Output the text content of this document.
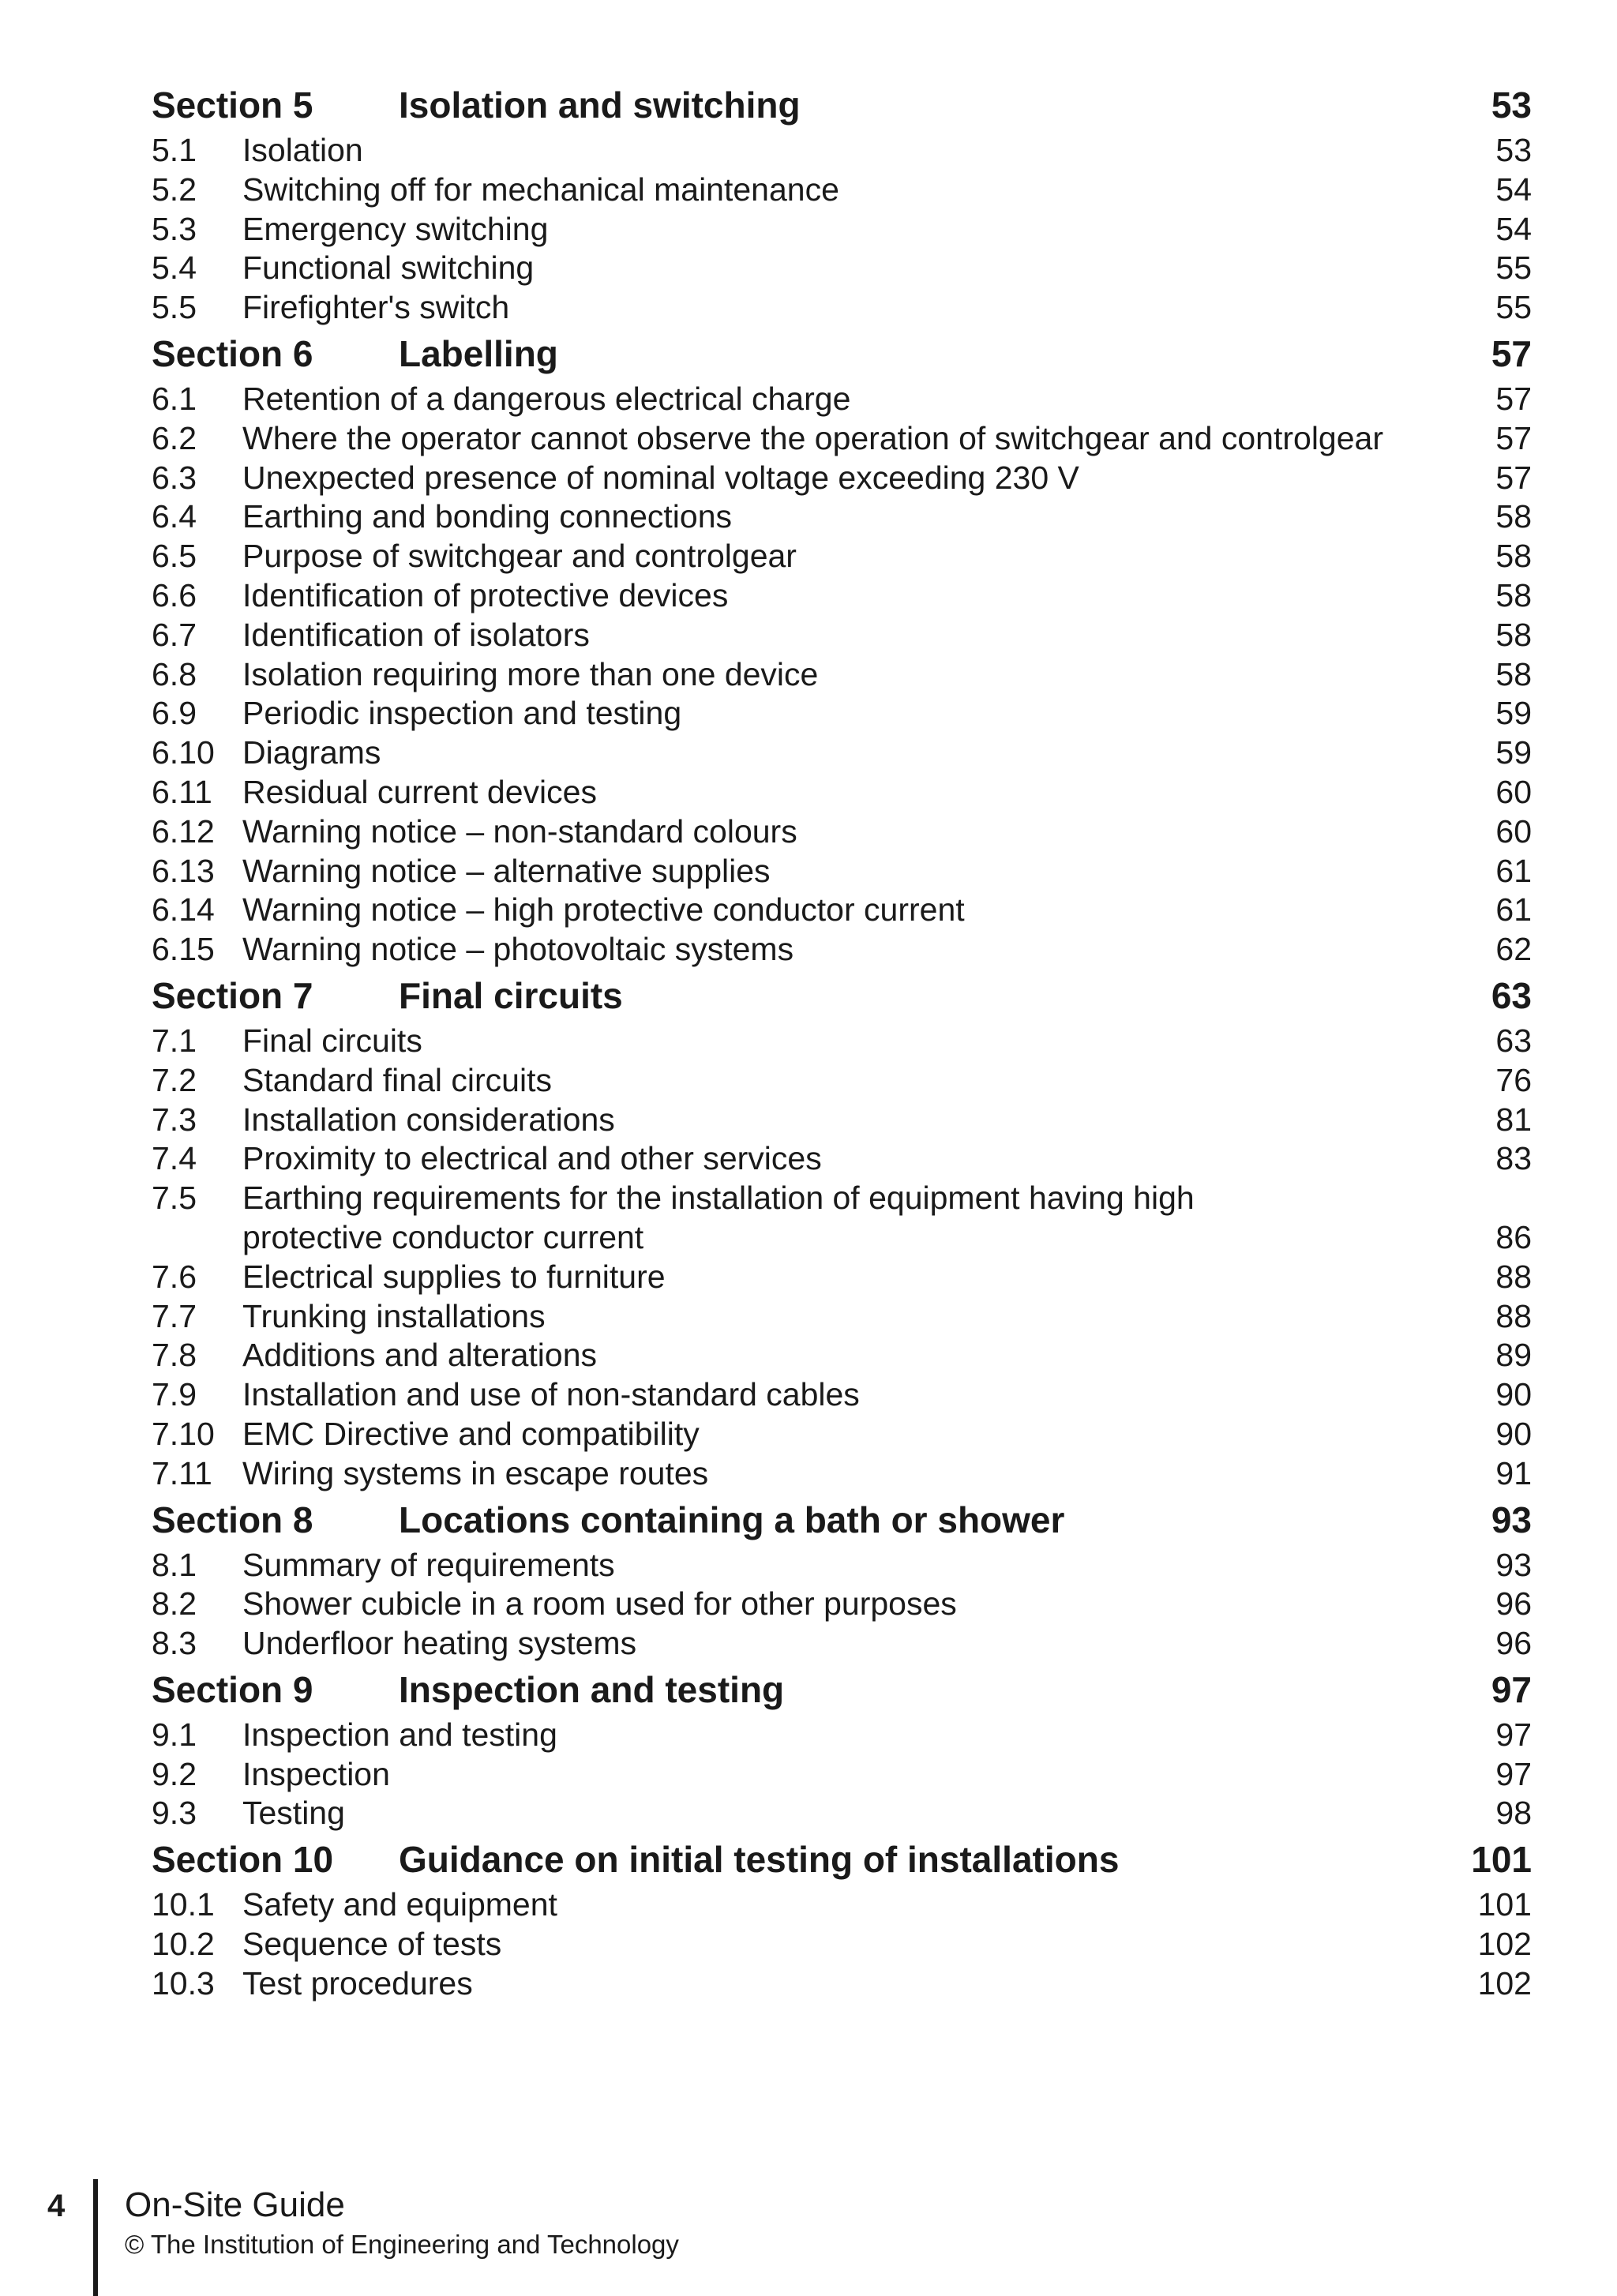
Section 5	Isolation and switching	53
5.1	Isolation	53
5.2	Switching off for mechanical maintenance	54
5.3	Emergency switching	54
5.4	Functional switching	55
5.5	Firefighter's switch	55
Section 6	Labelling	57
6.1	Retention of a dangerous electrical charge	57
6.2	Where the operator cannot observe the operation of switchgear and controlgear	57
6.3	Unexpected presence of nominal voltage exceeding 230 V	57
6.4	Earthing and bonding connections	58
6.5	Purpose of switchgear and controlgear	58
6.6	Identification of protective devices	58
6.7	Identification of isolators	58
6.8	Isolation requiring more than one device	58
6.9	Periodic inspection and testing	59
6.10 Diagrams	59
6.11 Residual current devices	60
6.12 Warning notice – non-standard colours	60
6.13 Warning notice – alternative supplies	61
6.14 Warning notice – high protective conductor current	61
6.15 Warning notice – photovoltaic systems	62
Section 7	Final circuits	63
7.1	Final circuits	63
7.2	Standard final circuits	76
7.3	Installation considerations	81
7.4	Proximity to electrical and other services	83
7.5	Earthing requirements for the installation of equipment having high protective conductor current	86
7.6	Electrical supplies to furniture	88
7.7	Trunking installations	88
7.8	Additions and alterations	89
7.9	Installation and use of non-standard cables	90
7.10 EMC Directive and compatibility	90
7.11 Wiring systems in escape routes	91
Section 8	Locations containing a bath or shower	93
8.1	Summary of requirements	93
8.2	Shower cubicle in a room used for other purposes	96
8.3	Underfloor heating systems	96
Section 9	Inspection and testing	97
9.1	Inspection and testing	97
9.2	Inspection	97
9.3	Testing	98
Section 10	Guidance on initial testing of installations	101
10.1 Safety and equipment	101
10.2 Sequence of tests	102
10.3 Test procedures	102
4 On-Site Guide
© The Institution of Engineering and Technology
